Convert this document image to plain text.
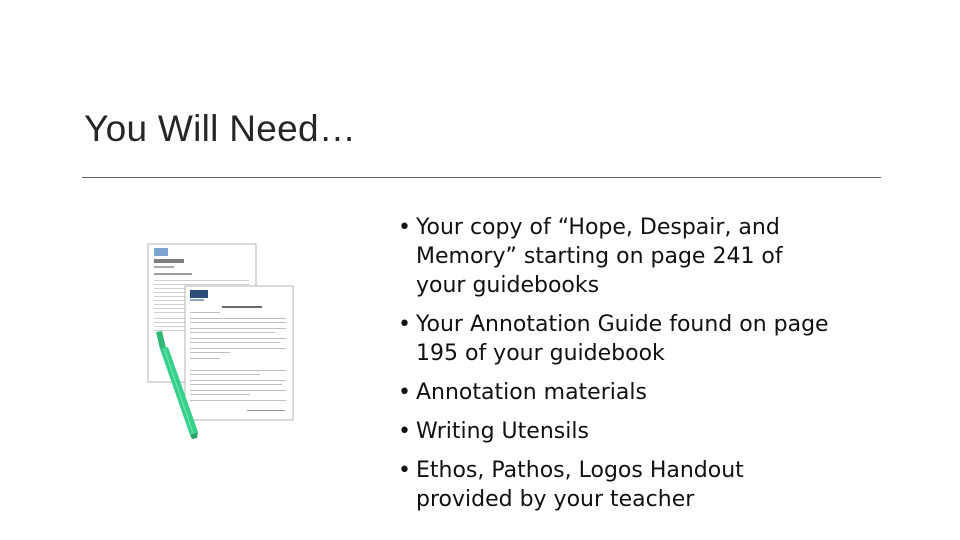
You Will Need…
• Your copy of “Hope, Despair, and
Memory” starting on page 241 of
your guidebooks
• Your Annotation Guide found on page
195 of your guidebook
• Annotation materials
• Writing Utensils
• Ethos, Pathos, Logos Handout
provided by your teacher
